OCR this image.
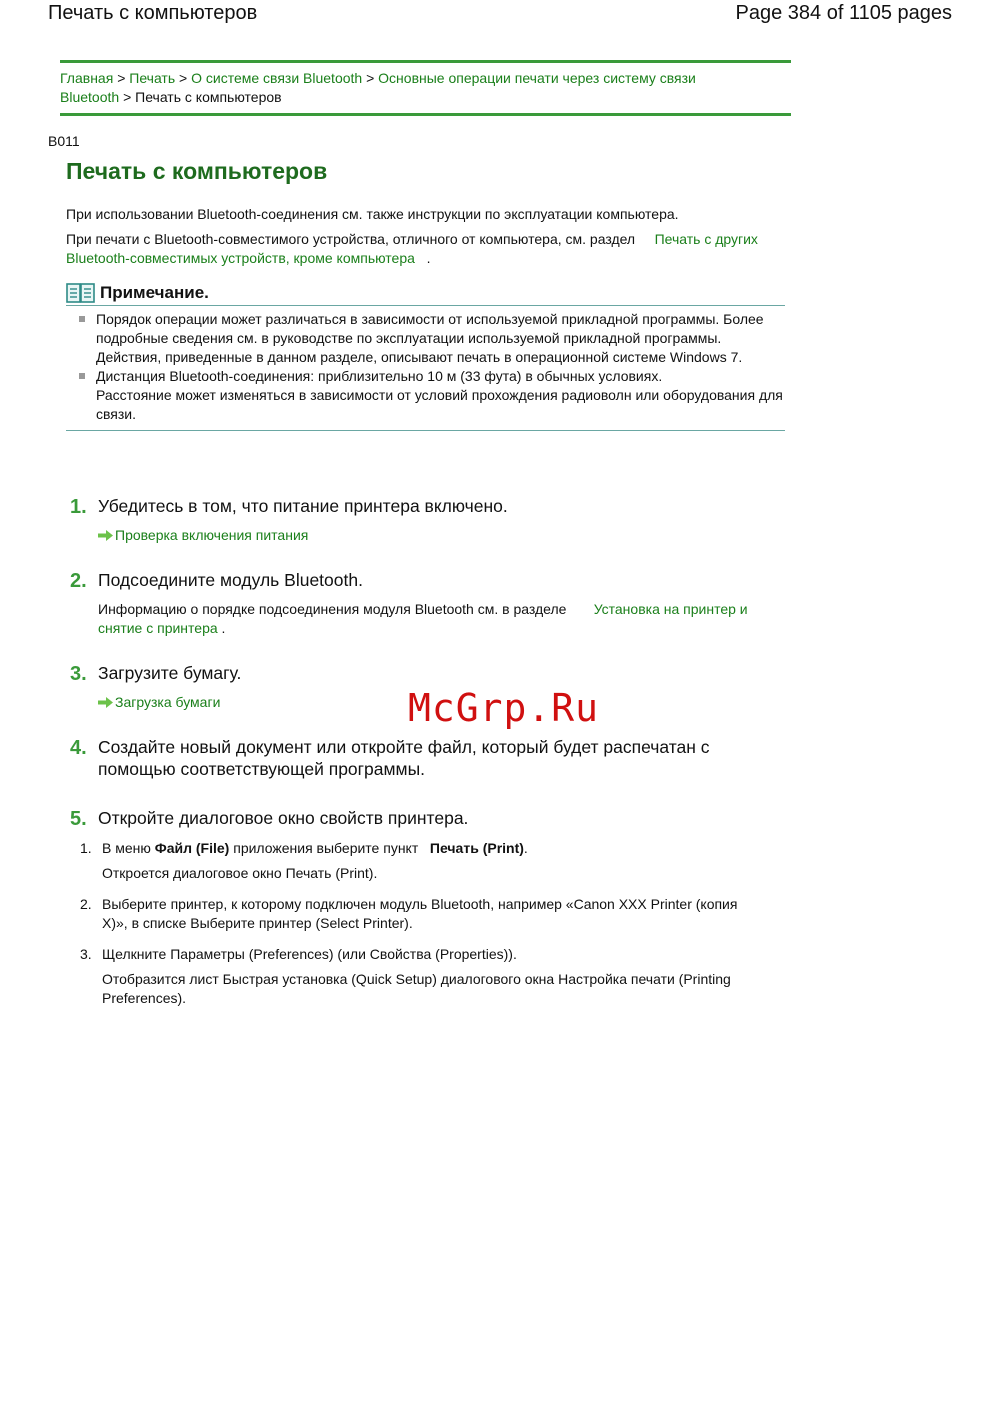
Печать с компьютеров	Page 384 of 1105 pages
Главная > Печать > О системе связи Bluetooth > Основные операции печати через систему связи
Bluetooth > Печать с компьютеров
B011
Печать с компьютеров

При использовании Bluetooth-соединения см. также инструкции по эксплуатации компьютера.

При печати с Bluetooth-совместимого устройства, отличного от компьютера, см. раздел Печать с других Bluetooth-совместимых устройств, кроме компьютера .

Примечание.

Порядок операции может различаться в зависимости от используемой прикладной программы. Более подробные сведения см. в руководстве по эксплуатации используемой прикладной программы.

Действия, приведенные в данном разделе, описывают печать в операционной системе Windows 7.

Дистанция Bluetooth-соединения: приблизительно 10 м (33 фута) в обычных условиях.

Расстояние может изменяться в зависимости от условий прохождения радиоволн или оборудования для связи.

1. Убедитесь в том, что питание принтера включено.
Проверка включения питания
2. Подсоедините модуль Bluetooth.
Информацию о порядке подсоединения модуля Bluetooth см. в разделе Установка на принтер и снятие с принтера .
3. Загрузите бумагу.
Загрузка бумаги
4. Создайте новый документ или откройте файл, который будет распечатан с помощью соответствующей программы.
5. Откройте диалоговое окно свойств принтера.
1. В меню Файл (File) приложения выберите пункт Печать (Print).

Откроется диалоговое окно Печать (Print).

2. Выберите принтер, к которому подключен модуль Bluetooth, например «Canon XXX Printer (копия X)», в списке Выберите принтер (Select Printer).

3. Щелкните Параметры (Preferences) (или Свойства (Properties)).

Отобразится лист Быстрая установка (Quick Setup) диалогового окна Настройка печати (Printing Preferences).

McGrp.Ru
